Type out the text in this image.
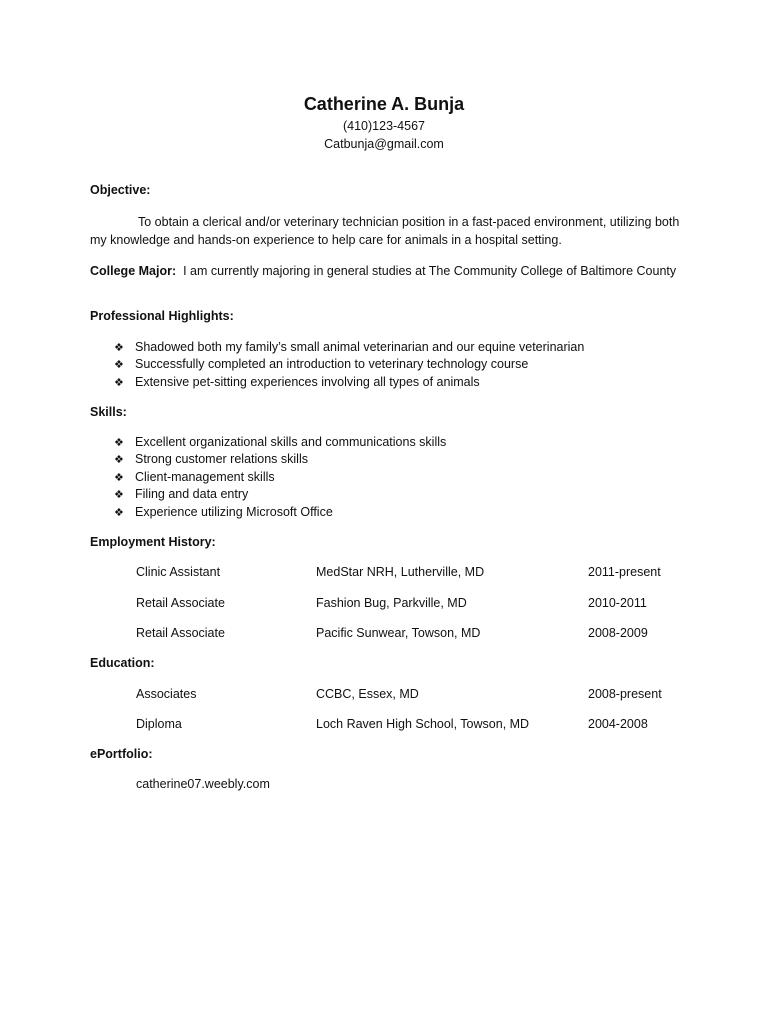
Catherine A. Bunja
(410)123-4567
Catbunja@gmail.com
Objective:
To obtain a clerical and/or veterinary technician position in a fast-paced environment, utilizing both my knowledge and hands-on experience to help care for animals in a hospital setting.
College Major: I am currently majoring in general studies at The Community College of Baltimore County
Professional Highlights:
❖ Shadowed both my family’s small animal veterinarian and our equine veterinarian
❖ Successfully completed an introduction to veterinary technology course
❖ Extensive pet-sitting experiences involving all types of animals
Skills:
❖ Excellent organizational skills and communications skills
❖ Strong customer relations skills
❖ Client-management skills
❖ Filing and data entry
❖ Experience utilizing Microsoft Office
Employment History:
Clinic Assistant	MedStar NRH, Lutherville, MD	2011-present
Retail Associate	Fashion Bug, Parkville, MD	2010-2011
Retail Associate	Pacific Sunwear, Towson, MD	2008-2009
Education:
Associates	CCBC, Essex, MD	2008-present
Diploma	Loch Raven High School, Towson, MD	2004-2008
ePortfolio:
catherine07.weebly.com
